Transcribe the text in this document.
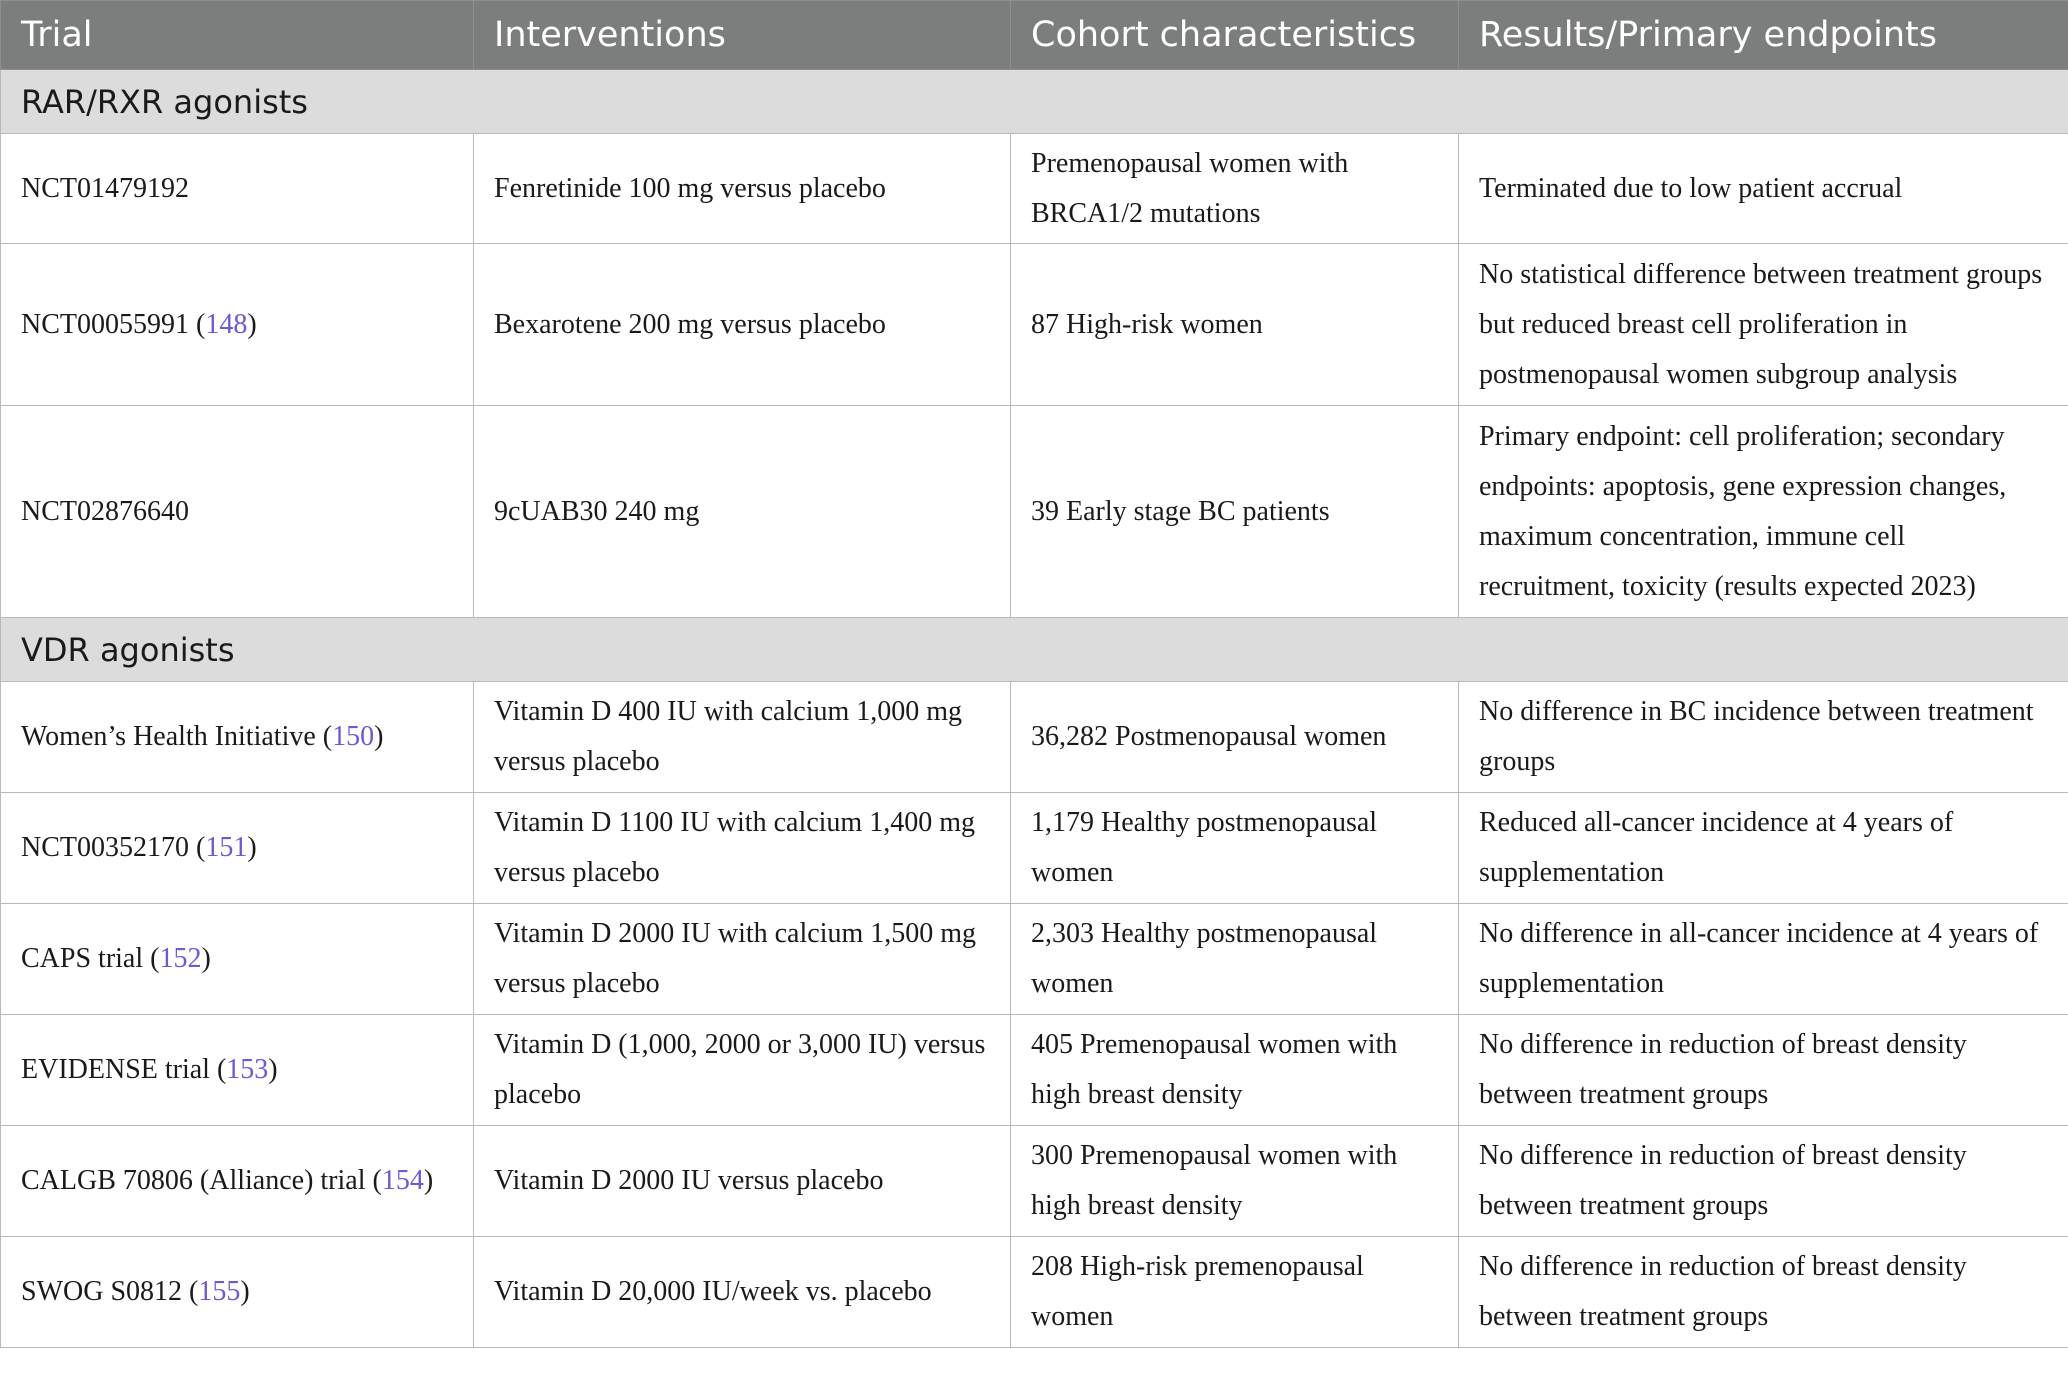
Trial	Interventions	Cohort characteristics	Results/Primary endpoints
RAR/RXR agonists			
NCT01479192	Fenretinide 100 mg versus placebo	Premenopausal women with BRCA1/2 mutations	Terminated due to low patient accrual
NCT00055991 (148)	Bexarotene 200 mg versus placebo	87 High-risk women	No statistical difference between treatment groups but reduced breast cell proliferation in postmenopausal women subgroup analysis
NCT02876640	9cUAB30 240 mg	39 Early stage BC patients	Primary endpoint: cell proliferation; secondary endpoints: apoptosis, gene expression changes, maximum concentration, immune cell recruitment, toxicity (results expected 2023)
VDR agonists			
Women’s Health Initiative (150)	Vitamin D 400 IU with calcium 1,000 mg versus placebo	36,282 Postmenopausal women	No difference in BC incidence between treatment groups
NCT00352170 (151)	Vitamin D 1100 IU with calcium 1,400 mg versus placebo	1,179 Healthy postmenopausal women	Reduced all-cancer incidence at 4 years of supplementation
CAPS trial (152)	Vitamin D 2000 IU with calcium 1,500 mg versus placebo	2,303 Healthy postmenopausal women	No difference in all-cancer incidence at 4 years of supplementation
EVIDENSE trial (153)	Vitamin D (1,000, 2000 or 3,000 IU) versus placebo	405 Premenopausal women with high breast density	No difference in reduction of breast density between treatment groups
CALGB 70806 (Alliance) trial (154)	Vitamin D 2000 IU versus placebo	300 Premenopausal women with high breast density	No difference in reduction of breast density between treatment groups
SWOG S0812 (155)	Vitamin D 20,000 IU/week vs. placebo	208 High-risk premenopausal women	No difference in reduction of breast density between treatment groups
